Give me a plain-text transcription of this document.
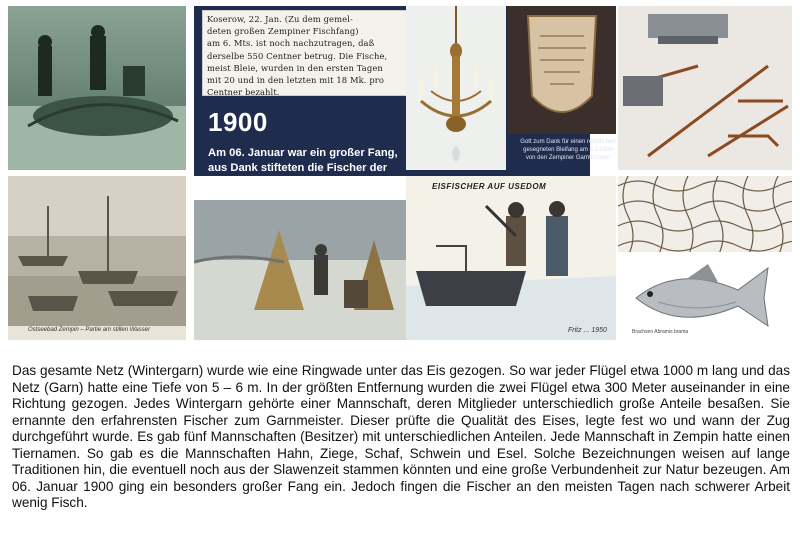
Koserow, 22. Jan. (Zu dem gemel-
deten großen Zempiner Fischfang)
am 6. Mts. ist noch nachzutragen, daß
derselbe 550 Centner betrug. Die Fische,
meist Bleie, wurden in den ersten Tagen
mit 20 und in den letzten mit 18 Mk. pro
Centner bezahlt.
1900
Am 06. Januar war ein großer Fang, aus Dank stifteten die Fischer der Kirche Koserow einen Leuchter.
Gott zum Dank für einen reichlichen gesegneten Bleifang am 6.1.1900 von den Zempiner Garnfischern
Ostseebad Zempin – Partie am stillen Wasser
EISFISCHER AUF USEDOM
Fritz ... 1950	Brachsen Abramis brama

Das gesamte Netz (Wintergarn) wurde wie eine Ringwade unter das Eis gezogen. So war jeder Flügel etwa 1000 m lang und das Netz (Garn) hatte eine Tiefe von 5 – 6 m. In der größten Entfernung wurden die zwei Flügel etwa 300 Meter auseinander in eine Richtung gezogen. Jedes Wintergarn gehörte einer Mannschaft, deren Mitglieder unterschiedlich große Anteile besaßen. Sie ernannte den erfahrensten Fischer zum Garnmeister. Dieser prüfte die Qualität des Eises, legte fest wo und wann der Zug durchgeführt wurde. Es gab fünf Mannschaften (Besitzer) mit unterschiedlichen Anteilen. Jede Mannschaft in Zempin hatte einen Tiernamen. So gab es die Mannschaften Hahn, Ziege, Schaf, Schwein und Esel. Solche Bezeichnungen weisen auf lange Traditionen hin, die eventuell noch aus der Slawenzeit stammen könnten und eine große Verbundenheit zur Natur bezeugen. Am 06. Januar 1900 ging ein besonders großer Fang ein. Jedoch fingen die Fischer an den meisten Tagen nach schwerer Arbeit wenig Fisch.
